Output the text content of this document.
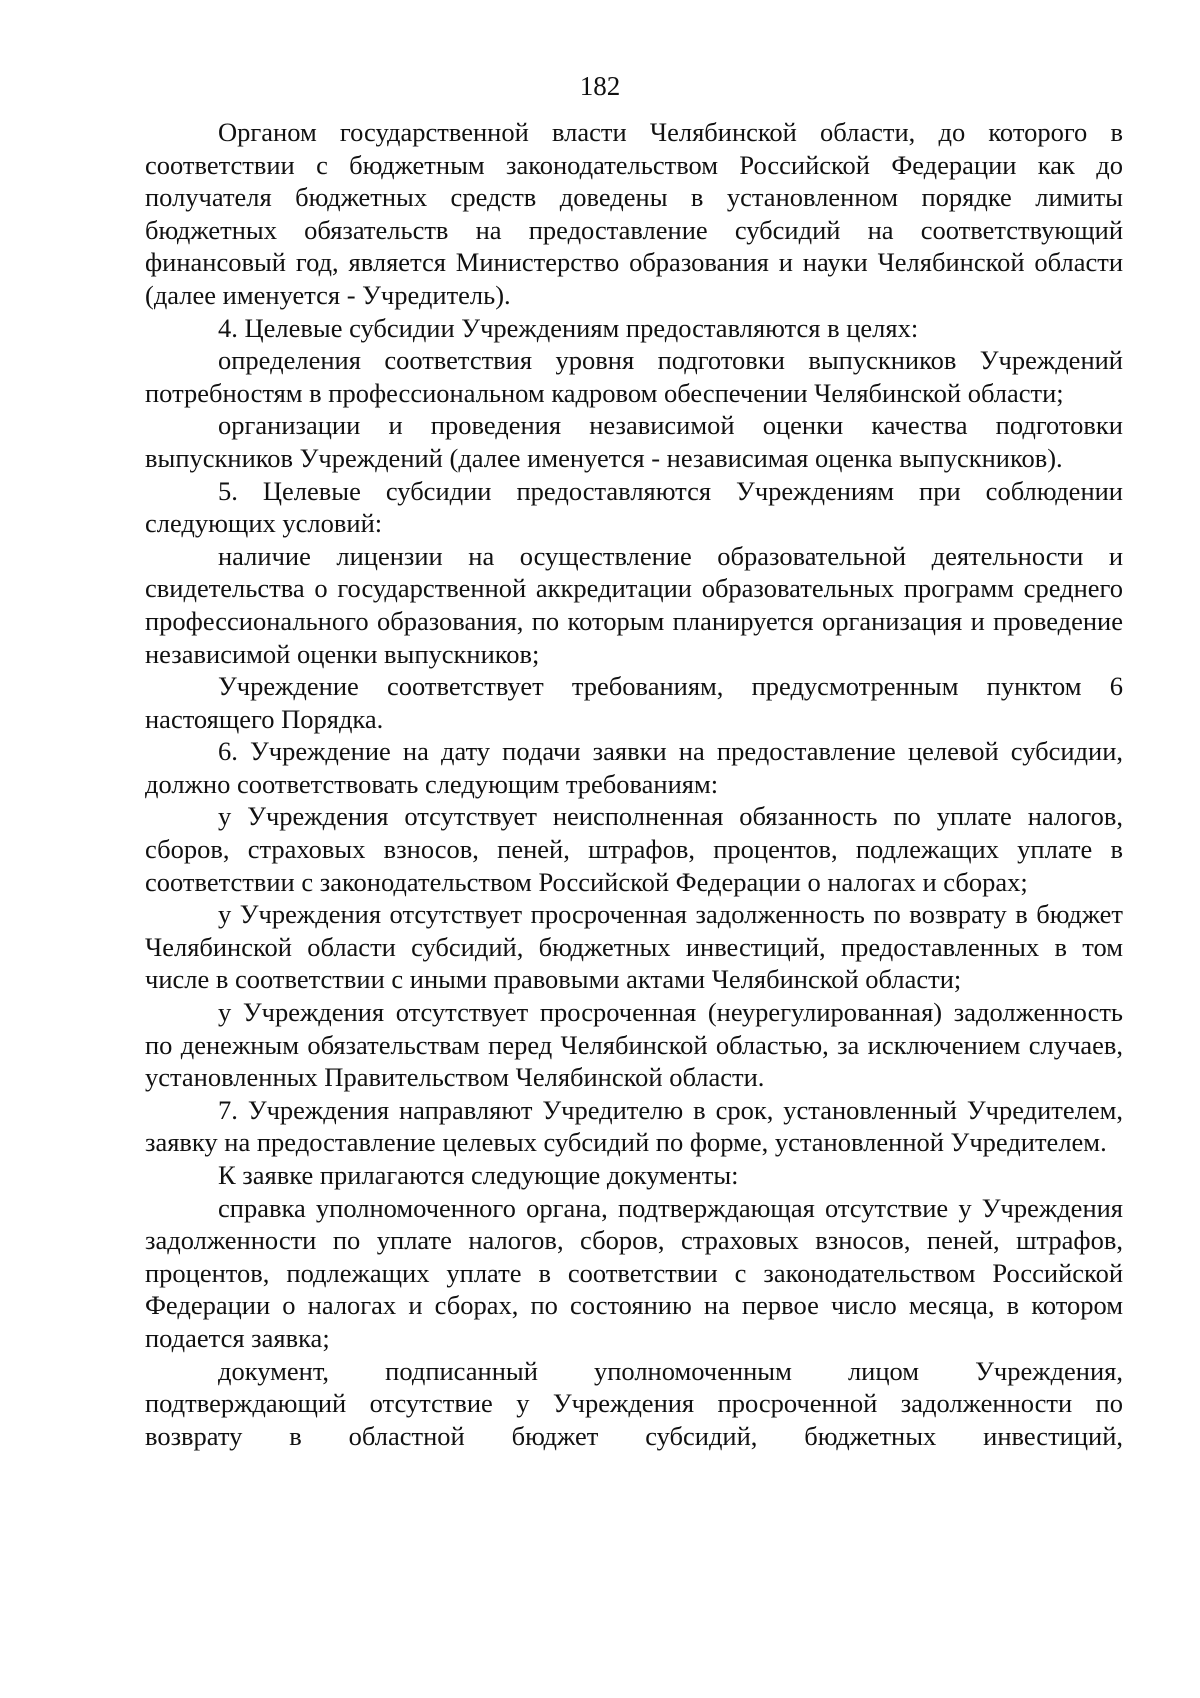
182

Органом государственной власти Челябинской области, до которого в соответствии с бюджетным законодательством Российской Федерации как до получателя бюджетных средств доведены в установленном порядке лимиты бюджетных обязательств на предоставление субсидий на соответствующий финансовый год, является Министерство образования и науки Челябинской области (далее именуется - Учредитель).

4. Целевые субсидии Учреждениям предоставляются в целях:

определения соответствия уровня подготовки выпускников Учреждений потребностям в профессиональном кадровом обеспечении Челябинской области;

организации и проведения независимой оценки качества подготовки выпускников Учреждений (далее именуется - независимая оценка выпускников).

5. Целевые субсидии предоставляются Учреждениям при соблюдении следующих условий:

наличие лицензии на осуществление образовательной деятельности и свидетельства о государственной аккредитации образовательных программ среднего профессионального образования, по которым планируется организация и проведение независимой оценки выпускников;

Учреждение соответствует требованиям, предусмотренным пунктом 6 настоящего Порядка.

6. Учреждение на дату подачи заявки на предоставление целевой субсидии, должно соответствовать следующим требованиям:

у Учреждения отсутствует неисполненная обязанность по уплате налогов, сборов, страховых взносов, пеней, штрафов, процентов, подлежащих уплате в соответствии с законодательством Российской Федерации о налогах и сборах;

у Учреждения отсутствует просроченная задолженность по возврату в бюджет Челябинской области субсидий, бюджетных инвестиций, предоставленных в том числе в соответствии с иными правовыми актами Челябинской области;

у Учреждения отсутствует просроченная (неурегулированная) задолженность по денежным обязательствам перед Челябинской областью, за исключением случаев, установленных Правительством Челябинской области.

7. Учреждения направляют Учредителю в срок, установленный Учредителем, заявку на предоставление целевых субсидий по форме, установленной Учредителем.

К заявке прилагаются следующие документы:

справка уполномоченного органа, подтверждающая отсутствие у Учреждения задолженности по уплате налогов, сборов, страховых взносов, пеней, штрафов, процентов, подлежащих уплате в соответствии с законодательством Российской Федерации о налогах и сборах, по состоянию на первое число месяца, в котором подается заявка;

документ, подписанный уполномоченным лицом Учреждения, подтверждающий отсутствие у Учреждения просроченной задолженности по возврату в областной бюджет субсидий, бюджетных инвестиций,
